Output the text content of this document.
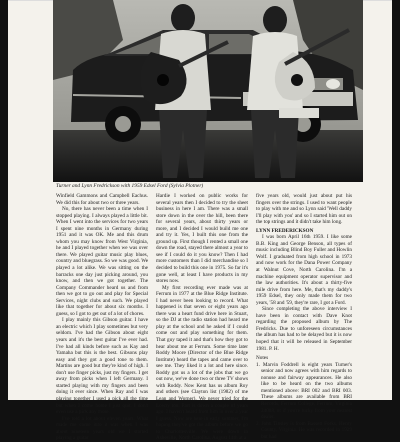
Turner and Lynn Fredrickson with 1959 Edsel Ford (Sylvia Plotner)

Winfield Gammons and Campbell Eachus. We did this for about two or three years.

No, there has never been a time when I stopped playing. I always played a little bit. When I went into the services for two years I spent nine months in Germany during 1951 and it was OK. Me and this drum whom you may know from West Virginia, he and I played together when we was over there. We played guitar music play blues, country and bluegrass. So we was good. We played a lot alike. We was sitting on the barracks one day just picking around, you know, and then we got together. The Company Commander heard us and from then we got to go out and play for Special Services, night clubs and such. We played like that together for about six months. I guess, so I got to get out of a lot of chores.

I play mainly this Gibson guitar. I have an electric which I play sometimes but very seldom. I've had the Gibson about eight years and it's the best guitar I've ever had. I've had all kinds before such as Kay and Yamaha but this is the best. Gibsons play easy and they got a good tone to them. Martins are good but they're kind of high. I don't use finger picks, just my fingers. I get away from picks when I left Germany. I started playing with my fingers and been doing it ever since. When Ray and I was playing together I used a pick all the time but when I come home I just quit. I don't even use a pick any more.

I've told a lot about eleven years. What made me come into it was when I was about nineteen years old we I started playing a guitar

Hardie I worked on public works for several years then I decided to try the sheet business in here I am. There was a small store down in the over the hill, been there for several years, about thirty years or more, and I decided I would build me one and try it. Yes, I built this one from the ground up. First though I rented a small one down the road, stayed there almost a year to see if I could do it you know? Then I had more customers than I did merchandise so I decided to build this one in 1975. So far it's gone well, at least I have products in my stores now.

My first recording ever made was at Ferrum in 1977 at the Blue Ridge Institute. I had never been looking to record. What happened is that seven or eight years ago there was a heart fund drive here in Stuart, so the DJ at the radio station had heard me play at the school and he asked if I could come out and play something for them. That guy taped it and that's how they got to hear about me at Ferrum. Some time later Roddy Moore (Director of the Blue Ridge Institute) heard the tapes and came over to see me. They liked it a lot and here since. Roddy got us a lot of the jobs that we go out now, we've done two or three TV shows with Roddy. Now Kent has us album Roy and others (see Clayton list (1982) of me Lean and Worner). We never tried for the Lowry too. Part is down a couple of years ago. I haven't heard from him in over a year I guess. Now are here in early summer, I'm hoping they've got the album before we go to Charlottesville. We were down in Asheville, North Carolina, August 14th at a

five years old, would just about put his fingers over the strings. I used to want people to play with me and so Lynn said 'Well daddy I'll play with you' and so I started him out on the top strings and it didn't take him long.

LYNN FREDERICKSON

I was born April 16th 1959. I like some B.B. King and George Benson, all types of music including Blind Boy Fuller and Howlin Wolf. I graduated from high school in 1973 and now work for the Dana Power Company at Walnut Cove, North Carolina. I'm a machine equipment operator supervisor and the law authorities. It's about a thirty-five mile drive from here. Me, that's my daddy's 1959 Edsel, they only made them for two years, '58 and '59, they're rare, I got a Ford.

Since completing the above interview I have been in contact with Dave Knot regarding the proposed album by The Fredricks. Due to unforeseen circumstances the album has had to be delayed but it is now hoped that it will be released in September 1981. P. H.

Notes

1. Marvin Foddrell is eight years Turner's senior and now agrees with him regards to nonuse and fairway appearances. He also like to be heard on the two albums mentioned above: BRI 002 and BRI 003. These albums are available from BRI Records, Ferrum College, Ferrum, Virginia 24088, or if you're lucky from your nearest dealer.

2. John Tinsley is from Bassett Forks, Henry County, Virginia. He was recorded in 1929 but had
